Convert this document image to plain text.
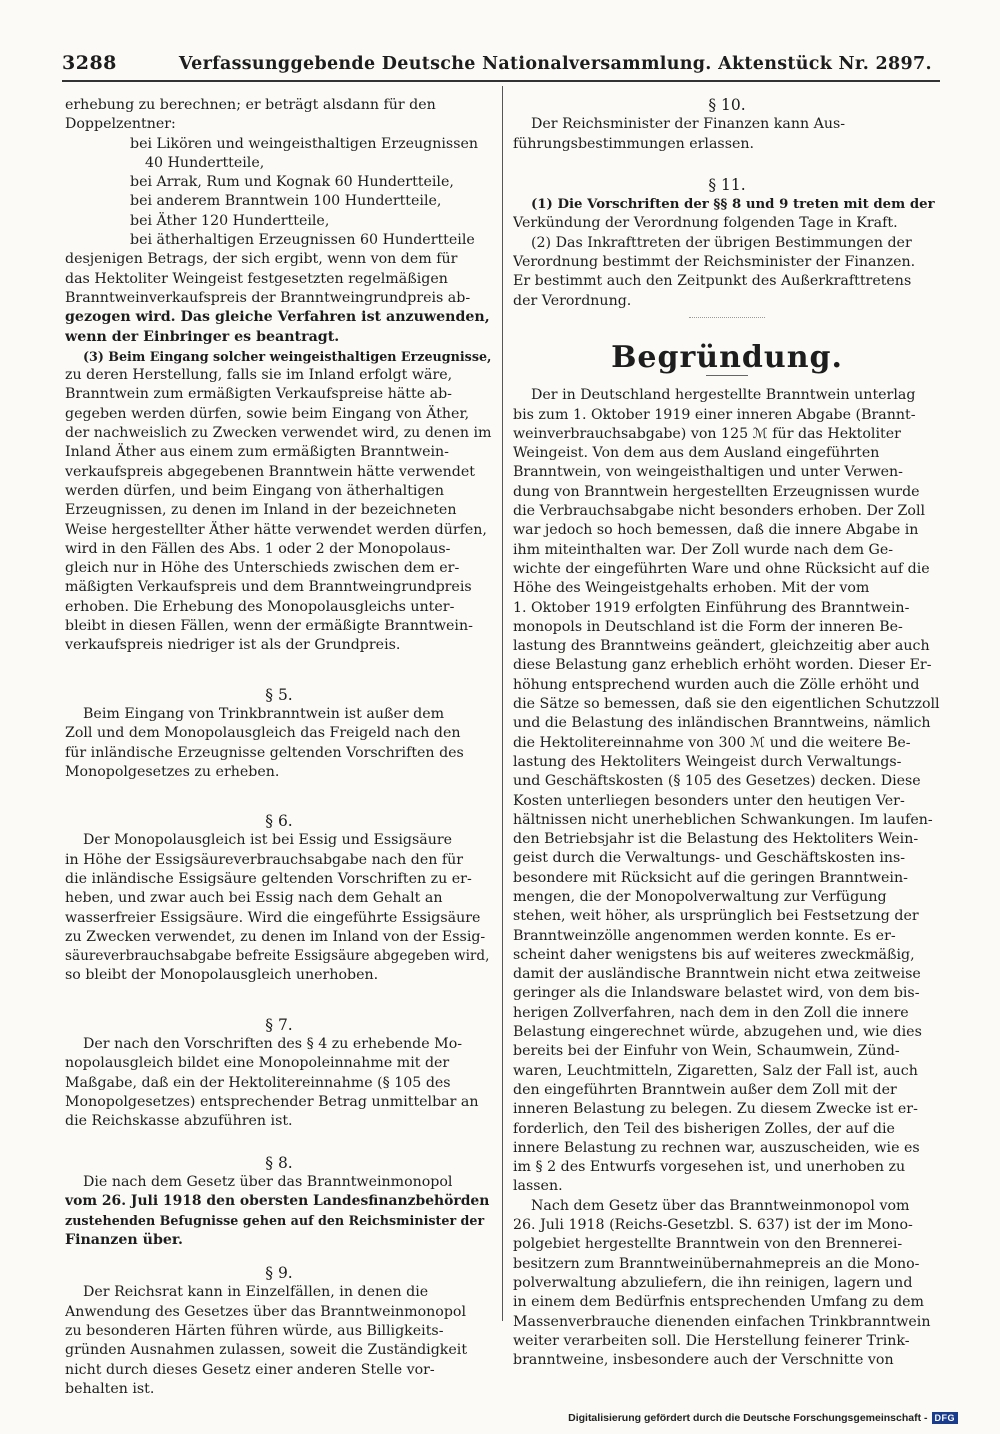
3288	Verfassunggebende Deutsche Nationalversammlung. Aktenstück Nr. 2897.
erhebung zu berechnen; er beträgt alsdann für den
Doppelzentner:
bei Likören und weingeisthaltigen Erzeugnissen
40 Hundertteile,
bei Arrak, Rum und Kognak 60 Hundertteile,
bei anderem Branntwein 100 Hundertteile,
bei Äther 120 Hundertteile,
bei ätherhaltigen Erzeugnissen 60 Hundertteile
desjenigen Betrags, der sich ergibt, wenn von dem für
das Hektoliter Weingeist festgesetzten regelmäßigen
Branntweinverkaufspreis der Branntweingrundpreis ab-
gezogen wird. Das gleiche Verfahren ist anzuwenden,
wenn der Einbringer es beantragt.
(3) Beim Eingang solcher weingeisthaltigen Erzeugnisse,
zu deren Herstellung, falls sie im Inland erfolgt wäre,
Branntwein zum ermäßigten Verkaufspreise hätte ab-
gegeben werden dürfen, sowie beim Eingang von Äther,
der nachweislich zu Zwecken verwendet wird, zu denen im
Inland Äther aus einem zum ermäßigten Branntwein-
verkaufspreis abgegebenen Branntwein hätte verwendet
werden dürfen, und beim Eingang von ätherhaltigen
Erzeugnissen, zu denen im Inland in der bezeichneten
Weise hergestellter Äther hätte verwendet werden dürfen,
wird in den Fällen des Abs. 1 oder 2 der Monopolaus-
gleich nur in Höhe des Unterschieds zwischen dem er-
mäßigten Verkaufspreis und dem Branntweingrundpreis
erhoben. Die Erhebung des Monopolausgleichs unter-
bleibt in diesen Fällen, wenn der ermäßigte Branntwein-
verkaufspreis niedriger ist als der Grundpreis.
§ 5.
Beim Eingang von Trinkbranntwein ist außer dem
Zoll und dem Monopolausgleich das Freigeld nach den
für inländische Erzeugnisse geltenden Vorschriften des
Monopolgesetzes zu erheben.
§ 6.
Der Monopolausgleich ist bei Essig und Essigsäure
in Höhe der Essigsäureverbrauchsabgabe nach den für
die inländische Essigsäure geltenden Vorschriften zu er-
heben, und zwar auch bei Essig nach dem Gehalt an
wasserfreier Essigsäure. Wird die eingeführte Essigsäure
zu Zwecken verwendet, zu denen im Inland von der Essig-
säureverbrauchsabgabe befreite Essigsäure abgegeben wird,
so bleibt der Monopolausgleich unerhoben.
§ 7.
Der nach den Vorschriften des § 4 zu erhebende Mo-
nopolausgleich bildet eine Monopoleinnahme mit der
Maßgabe, daß ein der Hektolitereinnahme (§ 105 des
Monopolgesetzes) entsprechender Betrag unmittelbar an
die Reichskasse abzuführen ist.
§ 8.
Die nach dem Gesetz über das Branntweinmonopol
vom 26. Juli 1918 den obersten Landesfinanzbehörden
zustehenden Befugnisse gehen auf den Reichsminister der
Finanzen über.
§ 9.
Der Reichsrat kann in Einzelfällen, in denen die
Anwendung des Gesetzes über das Branntweinmonopol
zu besonderen Härten führen würde, aus Billigkeits-
gründen Ausnahmen zulassen, soweit die Zuständigkeit
nicht durch dieses Gesetz einer anderen Stelle vor-
behalten ist.
§ 10.
Der Reichsminister der Finanzen kann Aus-
führungsbestimmungen erlassen.
§ 11.
(1) Die Vorschriften der §§ 8 und 9 treten mit dem der
Verkündung der Verordnung folgenden Tage in Kraft.
(2) Das Inkrafttreten der übrigen Bestimmungen der
Verordnung bestimmt der Reichsminister der Finanzen.
Er bestimmt auch den Zeitpunkt des Außerkrafttretens
der Verordnung.
Begründung.
Der in Deutschland hergestellte Branntwein unterlag
bis zum 1. Oktober 1919 einer inneren Abgabe (Brannt-
weinverbrauchsabgabe) von 125 ℳ für das Hektoliter
Weingeist. Von dem aus dem Ausland eingeführten
Branntwein, von weingeisthaltigen und unter Verwen-
dung von Branntwein hergestellten Erzeugnissen wurde
die Verbrauchsabgabe nicht besonders erhoben. Der Zoll
war jedoch so hoch bemessen, daß die innere Abgabe in
ihm miteinthalten war. Der Zoll wurde nach dem Ge-
wichte der eingeführten Ware und ohne Rücksicht auf die
Höhe des Weingeistgehalts erhoben. Mit der vom
1. Oktober 1919 erfolgten Einführung des Branntwein-
monopols in Deutschland ist die Form der inneren Be-
lastung des Branntweins geändert, gleichzeitig aber auch
diese Belastung ganz erheblich erhöht worden. Dieser Er-
höhung entsprechend wurden auch die Zölle erhöht und
die Sätze so bemessen, daß sie den eigentlichen Schutzzoll
und die Belastung des inländischen Branntweins, nämlich
die Hektolitereinnahme von 300 ℳ und die weitere Be-
lastung des Hektoliters Weingeist durch Verwaltungs-
und Geschäftskosten (§ 105 des Gesetzes) decken. Diese
Kosten unterliegen besonders unter den heutigen Ver-
hältnissen nicht unerheblichen Schwankungen. Im laufen-
den Betriebsjahr ist die Belastung des Hektoliters Wein-
geist durch die Verwaltungs- und Geschäftskosten ins-
besondere mit Rücksicht auf die geringen Branntwein-
mengen, die der Monopolverwaltung zur Verfügung
stehen, weit höher, als ursprünglich bei Festsetzung der
Branntweinzölle angenommen werden konnte. Es er-
scheint daher wenigstens bis auf weiteres zweckmäßig,
damit der ausländische Branntwein nicht etwa zeitweise
geringer als die Inlandsware belastet wird, von dem bis-
herigen Zollverfahren, nach dem in den Zoll die innere
Belastung eingerechnet würde, abzugehen und, wie dies
bereits bei der Einfuhr von Wein, Schaumwein, Zünd-
waren, Leuchtmitteln, Zigaretten, Salz der Fall ist, auch
den eingeführten Branntwein außer dem Zoll mit der
inneren Belastung zu belegen. Zu diesem Zwecke ist er-
forderlich, den Teil des bisherigen Zolles, der auf die
innere Belastung zu rechnen war, auszuscheiden, wie es
im § 2 des Entwurfs vorgesehen ist, und unerhoben zu
lassen.
Nach dem Gesetz über das Branntweinmonopol vom
26. Juli 1918 (Reichs-Gesetzbl. S. 637) ist der im Mono-
polgebiet hergestellte Branntwein von den Brennerei-
besitzern zum Branntweinübernahmepreis an die Mono-
polverwaltung abzuliefern, die ihn reinigen, lagern und
in einem dem Bedürfnis entsprechenden Umfang zu dem
Massenverbrauche dienenden einfachen Trinkbranntwein
weiter verarbeiten soll. Die Herstellung feinerer Trink-
branntweine, insbesondere auch der Verschnitte von
Digitalisierung gefördert durch die Deutsche Forschungsgemeinschaft - DFG
